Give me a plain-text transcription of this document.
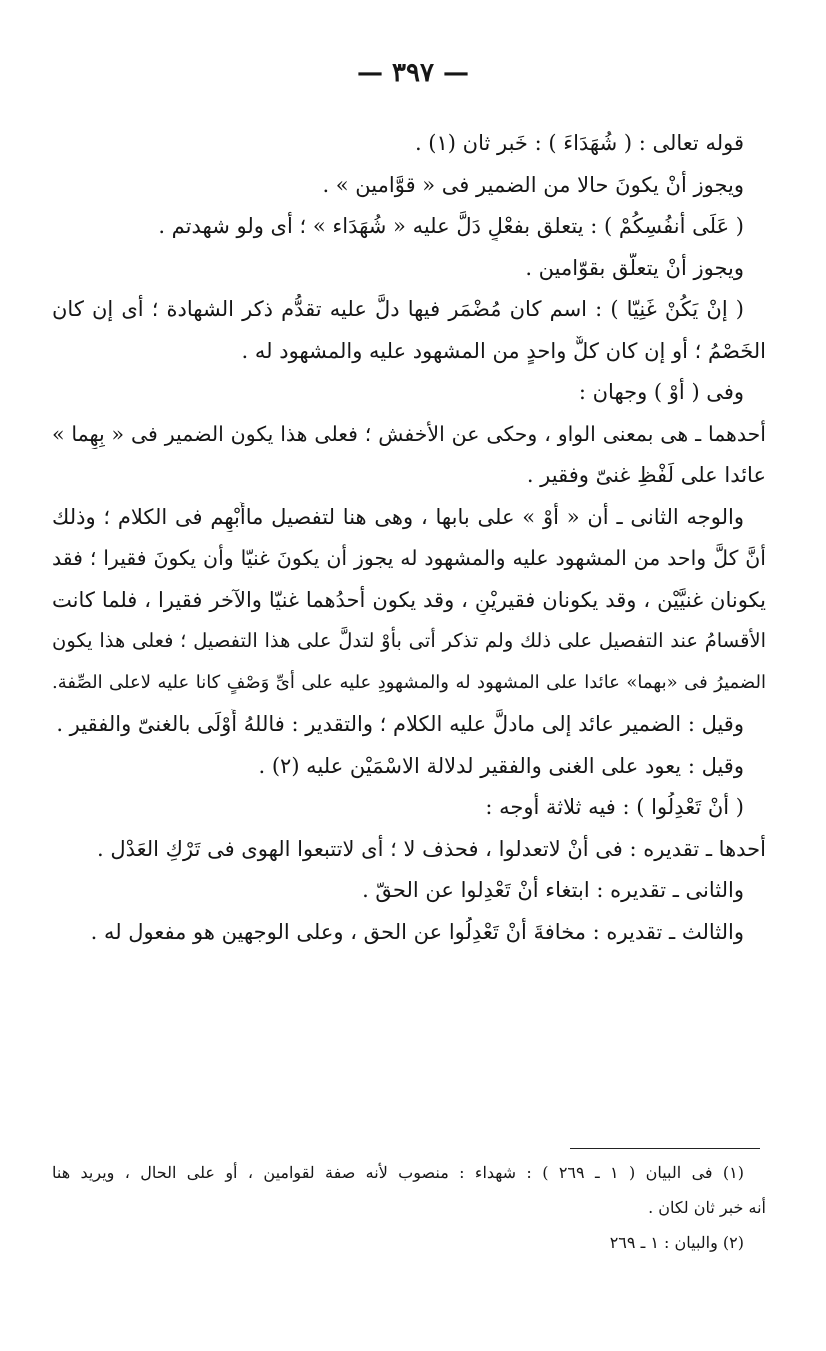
— ٣٩٧ —
قوله تعالى : ( شُهَدَاءَ ) : خَبر ثان (١) .
ويجوز أنْ يكونَ حالا من الضمير فى « قوَّامين » .
( عَلَى أنفُسِكُمْ ) : يتعلق بفعْلٍ دَلَّ عليه « شُهَدَاء » ؛ أى ولو شهدتم .
ويجوز أنْ يتعلّق بقوّامين .
( إنْ يَكُنْ غَنِيّا ) : اسم كان مُضْمَر فيها دلَّ عليه تقدُّم ذكر الشهادة ؛ أى إن كان
الخَصْمُ ؛ أو إن كان كلٌّ واحدٍ من المشهود عليه والمشهود له .
وفى ( أوْ ) وجهان :
أحدهما ـ هى بمعنى الواو ، وحكى عن الأخفش ؛ فعلى هذا يكون الضمير فى « بِهِما »
عائدا على لَفْظِ غنىّ وفقير .
والوجه الثانى ـ أن « أوْ » على بابها ، وهى هنا لتفصيل ماأُبْهِم فى الكلام ؛ وذلك
أنَّ كلَّ واحد من المشهود عليه والمشهود له يجوز أن يكونَ غنيّا وأن يكونَ فقيرا ؛ فقد
يكونان غنيَّيْن ، وقد يكونان فقيريْنِ ، وقد يكون أحدُهما غنيّا والآخر فقيرا ، فلما كانت
الأقسامُ عند التفصيل على ذلك ولم تذكر أتى بأوْ لتدلَّ على هذا التفصيل ؛ فعلى هذا يكون
الضميرُ فى «بهما» عائدا على المشهود له والمشهودِ عليه على أىِّ وَصْفٍ كانا عليه لاعلى الصِّفة.
وقيل : الضمير عائد إلى مادلَّ عليه الكلام ؛ والتقدير : فاللهُ أَوْلَى بالغنىّ والفقير .
وقيل : يعود على الغنى والفقير لدلالة الاسْمَيْن عليه (٢) .
( أنْ تَعْدِلُوا ) : فيه ثلاثة أوجه :
أحدها ـ تقديره : فى أنْ لاتعدلوا ، فحذف لا ؛ أى لاتتبعوا الهوى فى تَرْكِ العَدْل .
والثانى ـ تقديره : ابتغاء أنْ تَعْدِلوا عن الحقّ .
والثالث ـ تقديره : مخافةَ أنْ تَعْدِلُوا عن الحق ، وعلى الوجهين هو مفعول له .
(١) فى البيان ( ١ ـ ٢٦٩ ) : شهداء : منصوب لأنه صفة لقوامين ، أو على الحال ، ويريد هنا
أنه خبر ثان لكان .
(٢) والبيان : ١ ـ ٢٦٩
